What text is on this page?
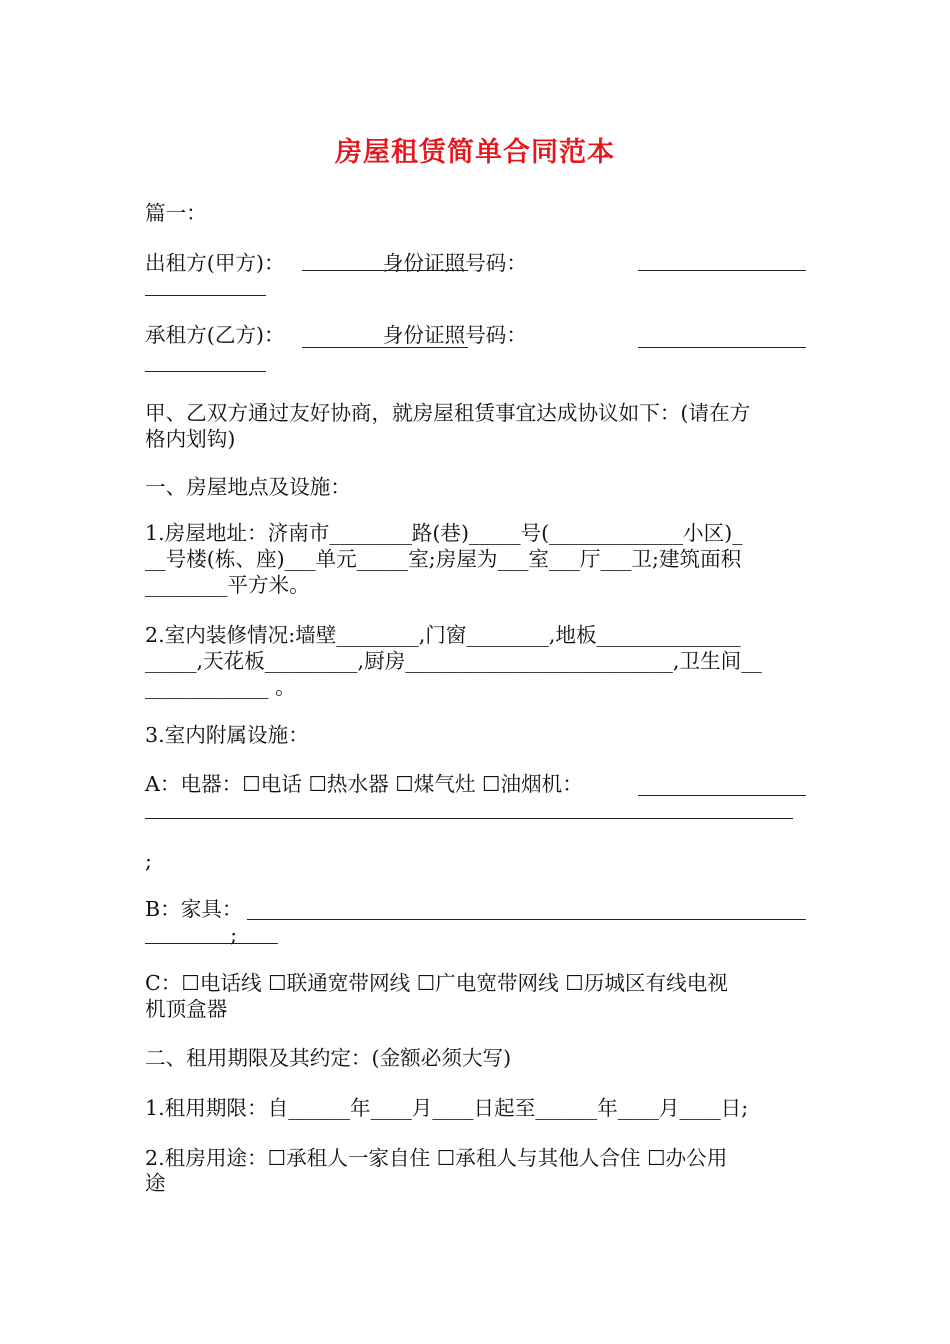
房屋租赁简单合同范本
篇一：
出租方(甲方)：               身份证照号码：
承租方(乙方)：               身份证照号码：
甲、乙双方通过友好协商，就房屋租赁事宜达成协议如下：(请在方
格内划钩)
一、房屋地点及设施：
1.房屋地址：济南市________路(巷)_____号(_____________小区)_
__号楼(栋、座)___单元_____室;房屋为___室___厅___卫;建筑面积
________平方米。
2.室内装修情况:墙壁________,门窗________,地板______________
_____,天花板_________,厨房__________________________,卫生间__
____________ 。
3.室内附属设施：
A：电器：☐电话 ☐热水器 ☐煤气灶 ☐油烟机：
;
B：家具：
;
C：☐电话线 ☐联通宽带网线 ☐广电宽带网线 ☐历城区有线电视
机顶盒器
二、租用期限及其约定：(金额必须大写)
1.租用期限：自______年____月____日起至______年____月____日;
2.租房用途：☐承租人一家自住 ☐承租人与其他人合住 ☐办公用
途
